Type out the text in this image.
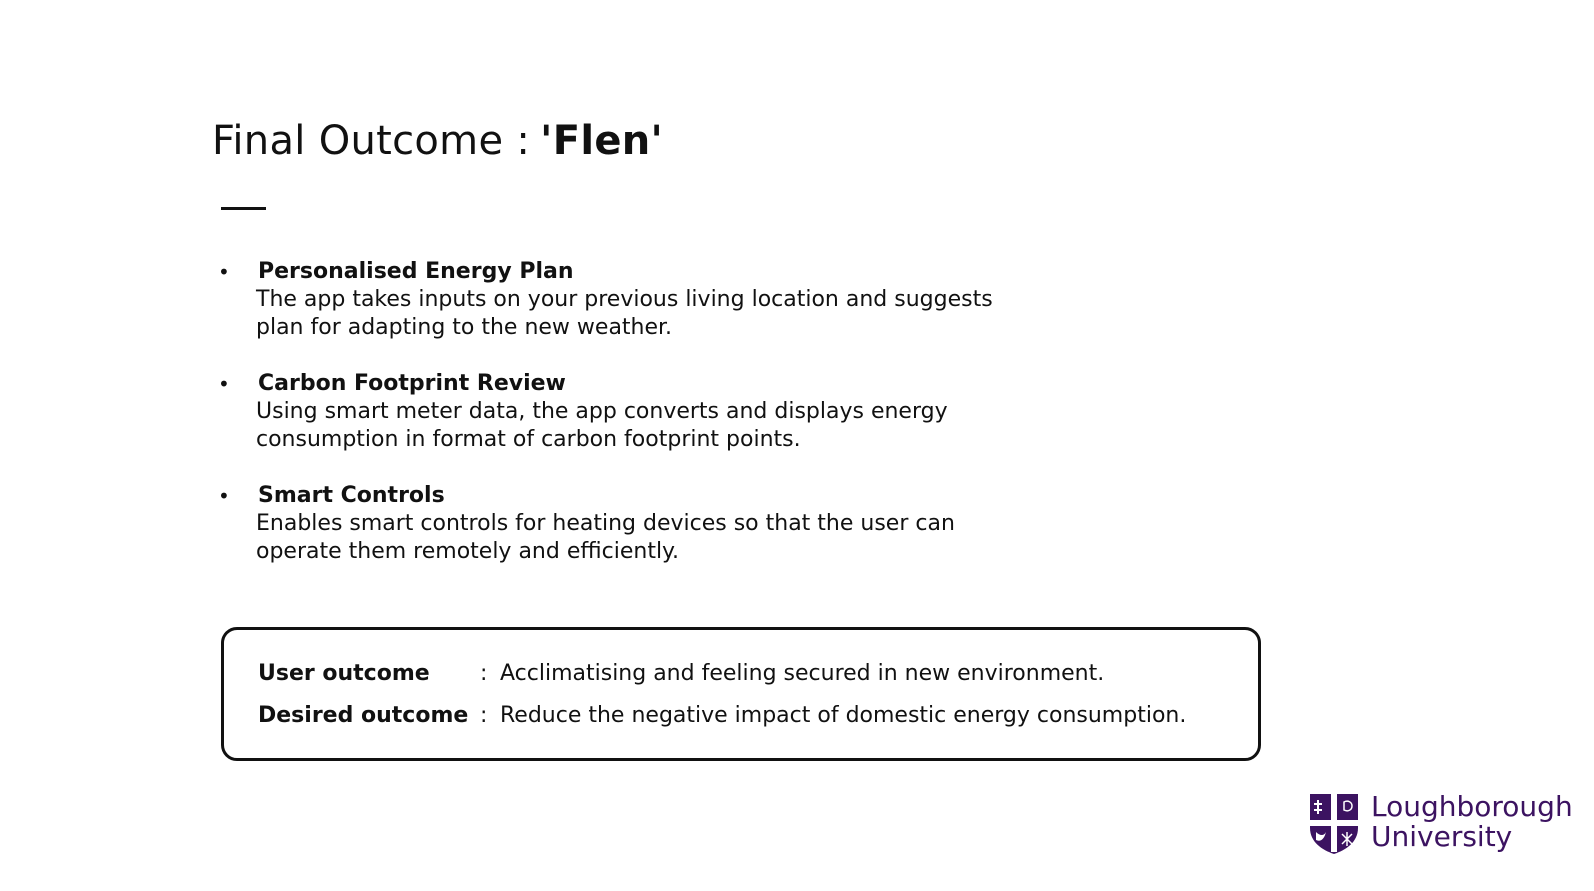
Final Outcome : 'Flen'
• Personalised Energy Plan
The app takes inputs on your previous living location and suggests plan for adapting to the new weather.
• Carbon Footprint Review
Using smart meter data, the app converts and displays energy consumption in format of carbon footprint points.
• Smart Controls
Enables smart controls for heating devices so that the user can operate them remotely and efficiently.
User outcome : Acclimatising and feeling secured in new environment.
Desired outcome : Reduce the negative impact of domestic energy consumption.
Loughborough
University
